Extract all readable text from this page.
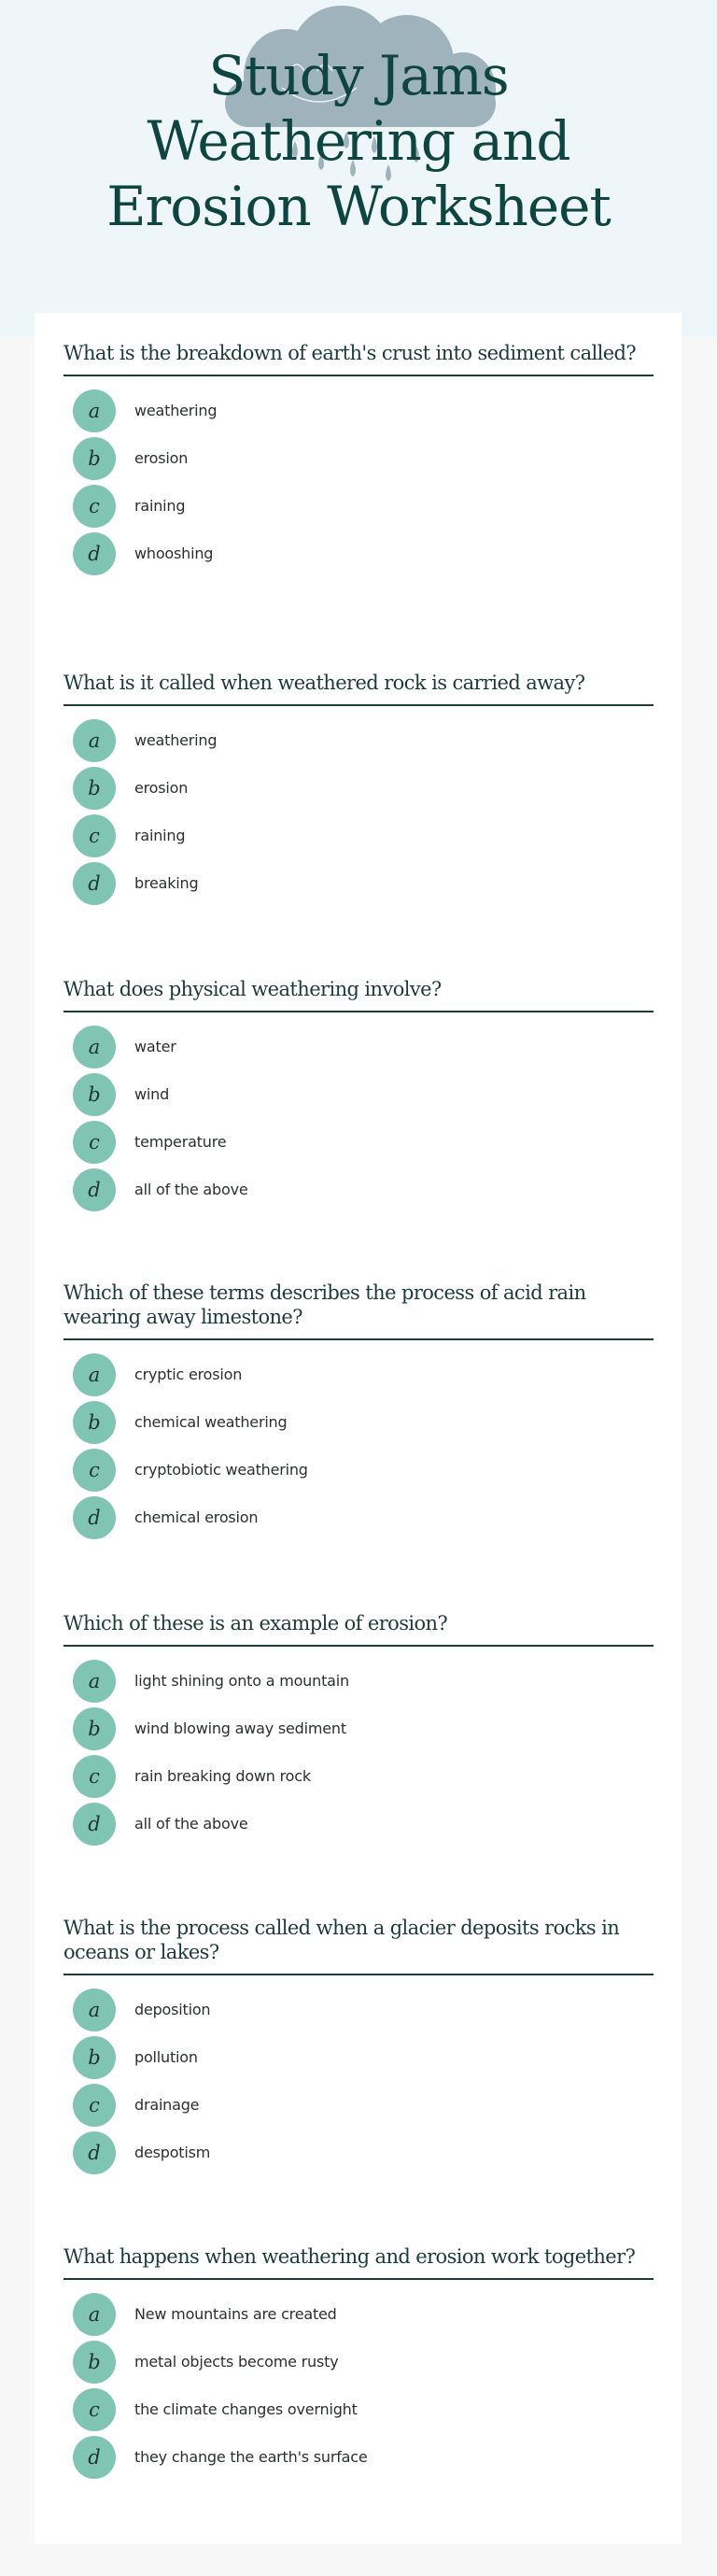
Study Jams
Weathering and
Erosion Worksheet
What is the breakdown of earth's crust into sediment called?
a	weathering
b	erosion
c	raining
d	whooshing
What is it called when weathered rock is carried away?
a	weathering
b	erosion
c	raining
d	breaking
What does physical weathering involve?
a	water
b	wind
c	temperature
d	all of the above
Which of these terms describes the process of acid rain wearing away limestone?
a	cryptic erosion
b	chemical weathering
c	cryptobiotic weathering
d	chemical erosion
Which of these is an example of erosion?
a	light shining onto a mountain
b	wind blowing away sediment
c	rain breaking down rock
d	all of the above
What is the process called when a glacier deposits rocks in oceans or lakes?
a	deposition
b	pollution
c	drainage
d	despotism
What happens when weathering and erosion work together?
a	New mountains are created
b	metal objects become rusty
c	the climate changes overnight
d	they change the earth's surface
